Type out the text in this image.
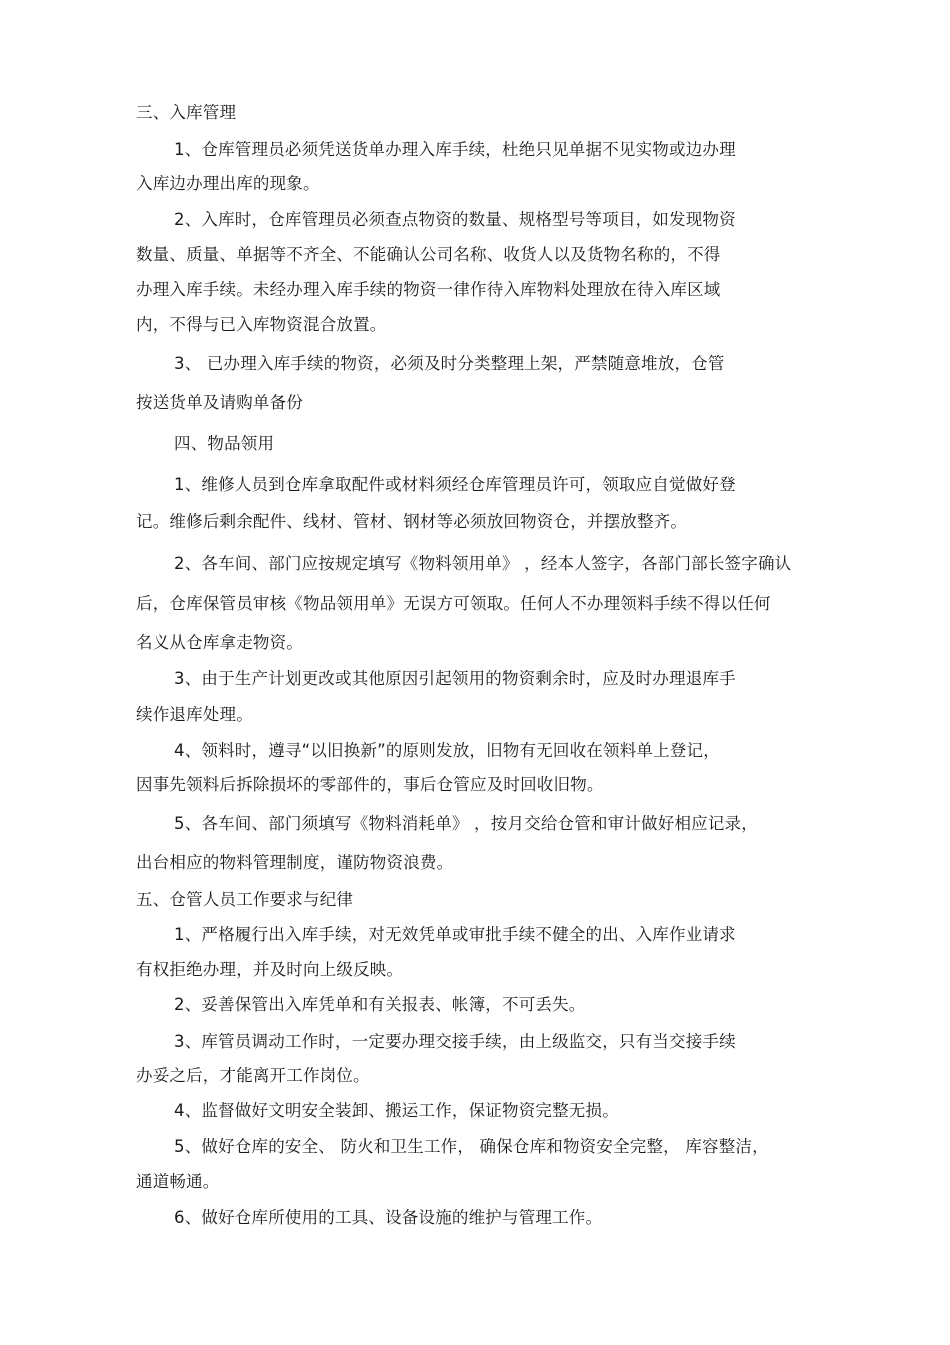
三、入库管理
1、仓库管理员必须凭送货单办理入库手续，杜绝只见单据不见实物或边办理
入库边办理出库的现象。
2、入库时，仓库管理员必须查点物资的数量、规格型号等项目，如发现物资
数量、质量、单据等不齐全、不能确认公司名称、收货人以及货物名称的，不得
办理入库手续。未经办理入库手续的物资一律作待入库物料处理放在待入库区域
内，不得与已入库物资混合放置。
3、 已办理入库手续的物资，必须及时分类整理上架，严禁随意堆放，仓管
按送货单及请购单备份
四、物品领用
1、维修人员到仓库拿取配件或材料须经仓库管理员许可，领取应自觉做好登
记。维修后剩余配件、线材、管材、钢材等必须放回物资仓，并摆放整齐。
2、各车间、部门应按规定填写《物料领用单》 ，经本人签字，各部门部长签字确认
后，仓库保管员审核《物品领用单》无误方可领取。任何人不办理领料手续不得以任何
名义从仓库拿走物资。
3、由于生产计划更改或其他原因引起领用的物资剩余时，应及时办理退库手
续作退库处理。
4、领料时，遵寻“以旧换新”的原则发放，旧物有无回收在领料单上登记，
因事先领料后拆除损坏的零部件的，事后仓管应及时回收旧物。
5、各车间、部门须填写《物料消耗单》 ，按月交给仓管和审计做好相应记录，
出台相应的物料管理制度，谨防物资浪费。
五、仓管人员工作要求与纪律
1、严格履行出入库手续，对无效凭单或审批手续不健全的出、入库作业请求
有权拒绝办理，并及时向上级反映。
2、妥善保管出入库凭单和有关报表、帐簿，不可丢失。
3、库管员调动工作时，一定要办理交接手续，由上级监交，只有当交接手续
办妥之后，才能离开工作岗位。
4、监督做好文明安全装卸、搬运工作，保证物资完整无损。
5、做好仓库的安全、 防火和卫生工作， 确保仓库和物资安全完整， 库容整洁，
通道畅通。
6、做好仓库所使用的工具、设备设施的维护与管理工作。
